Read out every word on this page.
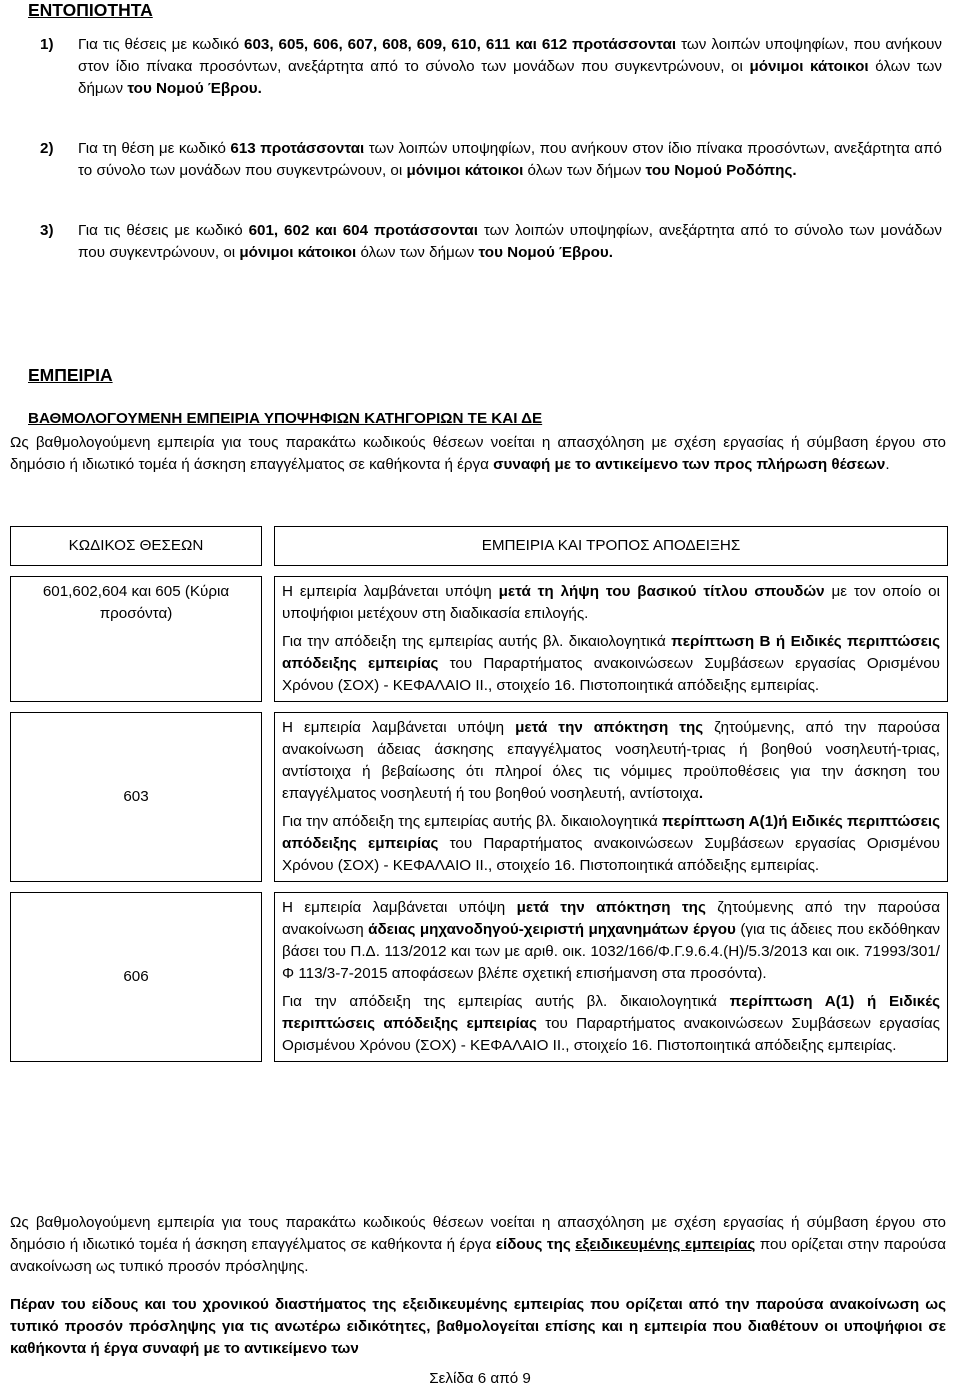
ΕΝΤΟΠΙΟΤΗΤΑ
1) Για τις θέσεις με κωδικό 603, 605, 606, 607, 608, 609, 610, 611 και 612 προτάσσονται των λοιπών υποψηφίων, που ανήκουν στον ίδιο πίνακα προσόντων, ανεξάρτητα από το σύνολο των μονάδων που συγκεντρώνουν, οι μόνιμοι κάτοικοι όλων των δήμων του Νομού Έβρου.
2) Για τη θέση με κωδικό 613 προτάσσονται των λοιπών υποψηφίων, που ανήκουν στον ίδιο πίνακα προσόντων, ανεξάρτητα από το σύνολο των μονάδων που συγκεντρώνουν, οι μόνιμοι κάτοικοι όλων των δήμων του Νομού Ροδόπης.
3) Για τις θέσεις με κωδικό 601, 602 και 604 προτάσσονται των λοιπών υποψηφίων, ανεξάρτητα από το σύνολο των μονάδων που συγκεντρώνουν, οι μόνιμοι κάτοικοι όλων των δήμων του Νομού Έβρου.
ΕΜΠΕΙΡΙΑ
ΒΑΘΜΟΛΟΓΟΥΜΕΝΗ ΕΜΠΕΙΡΙΑ ΥΠΟΨΗΦΙΩΝ ΚΑΤΗΓΟΡΙΩΝ ΤΕ ΚΑΙ ΔΕ
Ως βαθμολογούμενη εμπειρία για τους παρακάτω κωδικούς θέσεων νοείται η απασχόληση με σχέση εργασίας ή σύμβαση έργου στο δημόσιο ή ιδιωτικό τομέα ή άσκηση επαγγέλματος σε καθήκοντα ή έργα συναφή με το αντικείμενο των προς πλήρωση θέσεων.
ΚΩΔΙΚΟΣ ΘΕΣΕΩΝ		ΕΜΠΕΙΡΙΑ ΚΑΙ ΤΡΟΠΟΣ ΑΠΟΔΕΙΞΗΣ
601,602,604 και 605 (Κύρια προσόντα)		Η εμπειρία λαμβάνεται υπόψη μετά τη λήψη του βασικού τίτλου σπουδών με τον οποίο οι υποψήφιοι μετέχουν στη διαδικασία επιλογής.
Για την απόδειξη της εμπειρίας αυτής βλ. δικαιολογητικά περίπτωση Β ή Ειδικές περιπτώσεις απόδειξης εμπειρίας του Παραρτήματος ανακοινώσεων Συμβάσεων εργασίας Ορισμένου Χρόνου (ΣΟΧ) - ΚΕΦΑΛΑΙΟ ΙΙ., στοιχείο 16. Πιστοποιητικά απόδειξης εμπειρίας.

603		Η εμπειρία λαμβάνεται υπόψη μετά την απόκτηση της ζητούμενης, από την παρούσα ανακοίνωση άδειας άσκησης επαγγέλματος νοσηλευτή-τριας ή βοηθού νοσηλευτή-τριας, αντίστοιχα ή βεβαίωσης ότι πληροί όλες τις νόμιμες προϋποθέσεις για την άσκηση του επαγγέλματος νοσηλευτή ή του βοηθού νοσηλευτή, αντίστοιχα.
Για την απόδειξη της εμπειρίας αυτής βλ. δικαιολογητικά περίπτωση Α(1)ή Ειδικές περιπτώσεις απόδειξης εμπειρίας του Παραρτήματος ανακοινώσεων Συμβάσεων εργασίας Ορισμένου Χρόνου (ΣΟΧ) - ΚΕΦΑΛΑΙΟ ΙΙ., στοιχείο 16. Πιστοποιητικά απόδειξης εμπειρίας.

606		Η εμπειρία λαμβάνεται υπόψη μετά την απόκτηση της ζητούμενης από την παρούσα ανακοίνωση άδειας μηχανοδηγού-χειριστή μηχανημάτων έργου (για τις άδειες που εκδόθηκαν βάσει του Π.Δ. 113/2012 και των με αριθ. οικ. 1032/166/Φ.Γ.9.6.4.(Η)/5.3/2013 και οικ. 71993/301/Φ 113/3-7-2015 αποφάσεων βλέπε σχετική επισήμανση στα προσόντα).
Για την απόδειξη της εμπειρίας αυτής βλ. δικαιολογητικά περίπτωση Α(1) ή Ειδικές περιπτώσεις απόδειξης εμπειρίας του Παραρτήματος ανακοινώσεων Συμβάσεων εργασίας Ορισμένου Χρόνου (ΣΟΧ) - ΚΕΦΑΛΑΙΟ ΙΙ., στοιχείο 16. Πιστοποιητικά απόδειξης εμπειρίας.
Ως βαθμολογούμενη εμπειρία για τους παρακάτω κωδικούς θέσεων νοείται η απασχόληση με σχέση εργασίας ή σύμβαση έργου στο δημόσιο ή ιδιωτικό τομέα ή άσκηση επαγγέλματος σε καθήκοντα ή έργα είδους της εξειδικευμένης εμπειρίας που ορίζεται στην παρούσα ανακοίνωση ως τυπικό προσόν πρόσληψης.
Πέραν του είδους και του χρονικού διαστήματος της εξειδικευμένης εμπειρίας που ορίζεται από την παρούσα ανακοίνωση ως τυπικό προσόν πρόσληψης για τις ανωτέρω ειδικότητες, βαθμολογείται επίσης και η εμπειρία που διαθέτουν οι υποψήφιοι σε καθήκοντα ή έργα συναφή με το αντικείμενο των
Σελίδα 6 από 9
